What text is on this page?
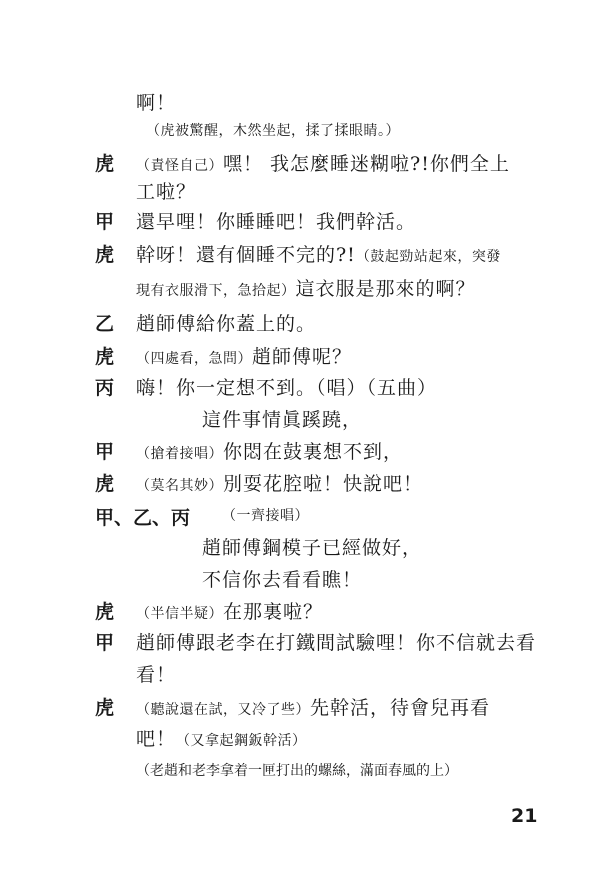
啊！
（虎被驚醒，木然坐起，揉了揉眼睛。）
虎 （責怪自己）嘿！ 我怎麼睡迷糊啦?!你們全上
工啦？
甲 還早哩！你睡睡吧！我們幹活。
虎 幹呀！還有個睡不完的?!（鼓起勁站起來，突發
現有衣服滑下，急拾起）這衣服是那來的啊？
乙 趙師傅給你蓋上的。
虎 （四處看，急問）趙師傅呢？
丙 嗨！你一定想不到。（唱）（五曲）
這件事情眞蹊蹺，
甲 （搶着接唱）你悶在鼓裏想不到，
虎 （莫名其妙）別耍花腔啦！快說吧！
甲、乙、丙 （一齊接唱）
趙師傅鋼模子已經做好，
不信你去看看瞧！
虎 （半信半疑）在那裏啦？
甲 趙師傅跟老李在打鐵間試驗哩！你不信就去看
看！
虎 （聽說還在試，又冷了些）先幹活，待會兒再看
吧！（又拿起鋼鈑幹活）
（老趙和老李拿着一匣打出的螺絲，滿面春風的上）
21
